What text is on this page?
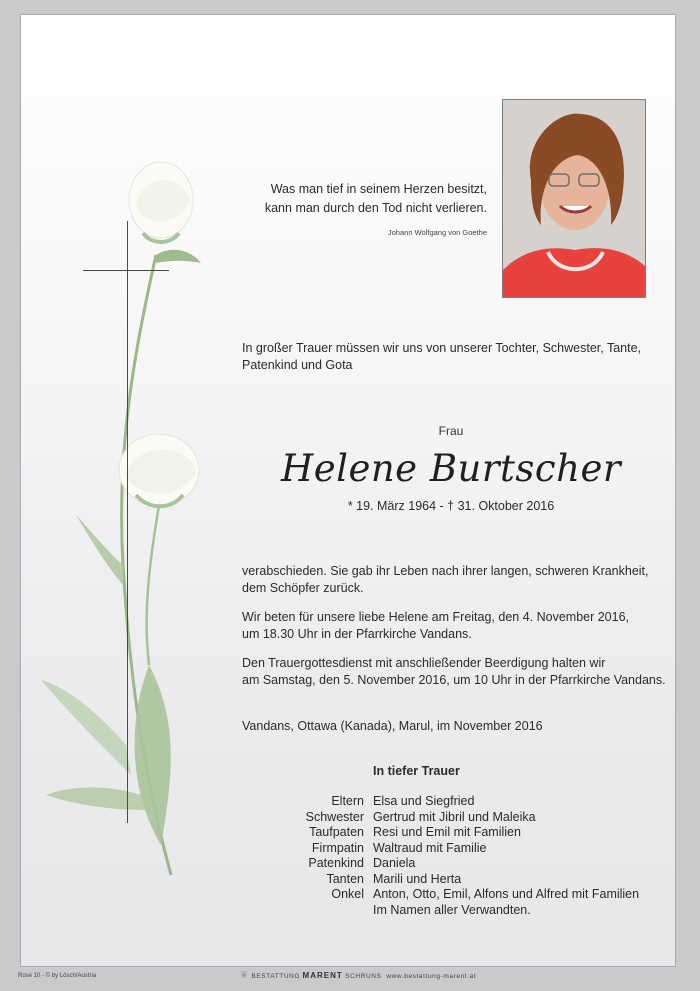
Was man tief in seinem Herzen besitzt,
kann man durch den Tod nicht verlieren.
Johann Wolfgang von Goethe
In großer Trauer müssen wir uns von unserer Tochter, Schwester, Tante,
Patenkind und Gota
Frau
Helene Burtscher
* 19. März 1964 - † 31. Oktober 2016
verabschieden. Sie gab ihr Leben nach ihrer langen, schweren Krankheit,
dem Schöpfer zurück.
Wir beten für unsere liebe Helene am Freitag, den 4. November 2016,
um 18.30 Uhr in der Pfarrkirche Vandans.
Den Trauergottesdienst mit anschließender Beerdigung halten wir
am Samstag, den 5. November 2016, um 10 Uhr in der Pfarrkirche Vandans.
Vandans, Ottawa (Kanada), Marul, im November 2016
In tiefer Trauer
Eltern Elsa und Siegfried
Schwester Gertrud mit Jibril und Maleika
Taufpaten Resi und Emil mit Familien
Firmpatin Waltraud mit Familie
Patenkind Daniela
Tanten Marili und Herta
Onkel Anton, Otto, Emil, Alfons und Alfred mit Familien
Im Namen aller Verwandten.
Rose 10 - © by Lösch/Austria	❦ BESTATTUNG MARENT SCHRUNS www.bestattung-marent.at
